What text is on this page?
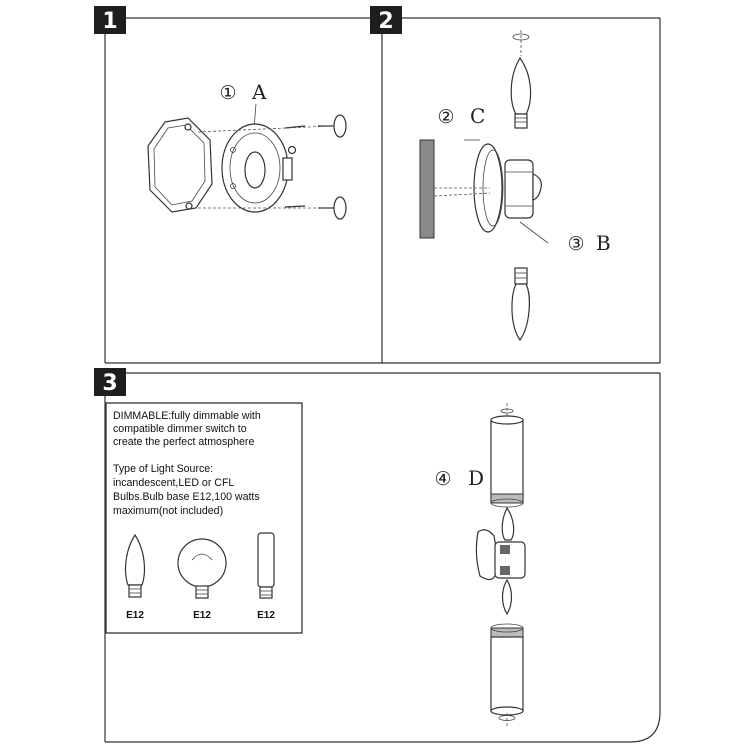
1
① A
2
② C
③ B
3
DIMMABLE:fully dimmable with
compatible dimmer switch to
create the perfect atmosphere
Type of Light Source:
incandescent,LED or CFL
Bulbs.Bulb base E12,100 watts
maximum(not included)
E12	E12	E12
④ D
